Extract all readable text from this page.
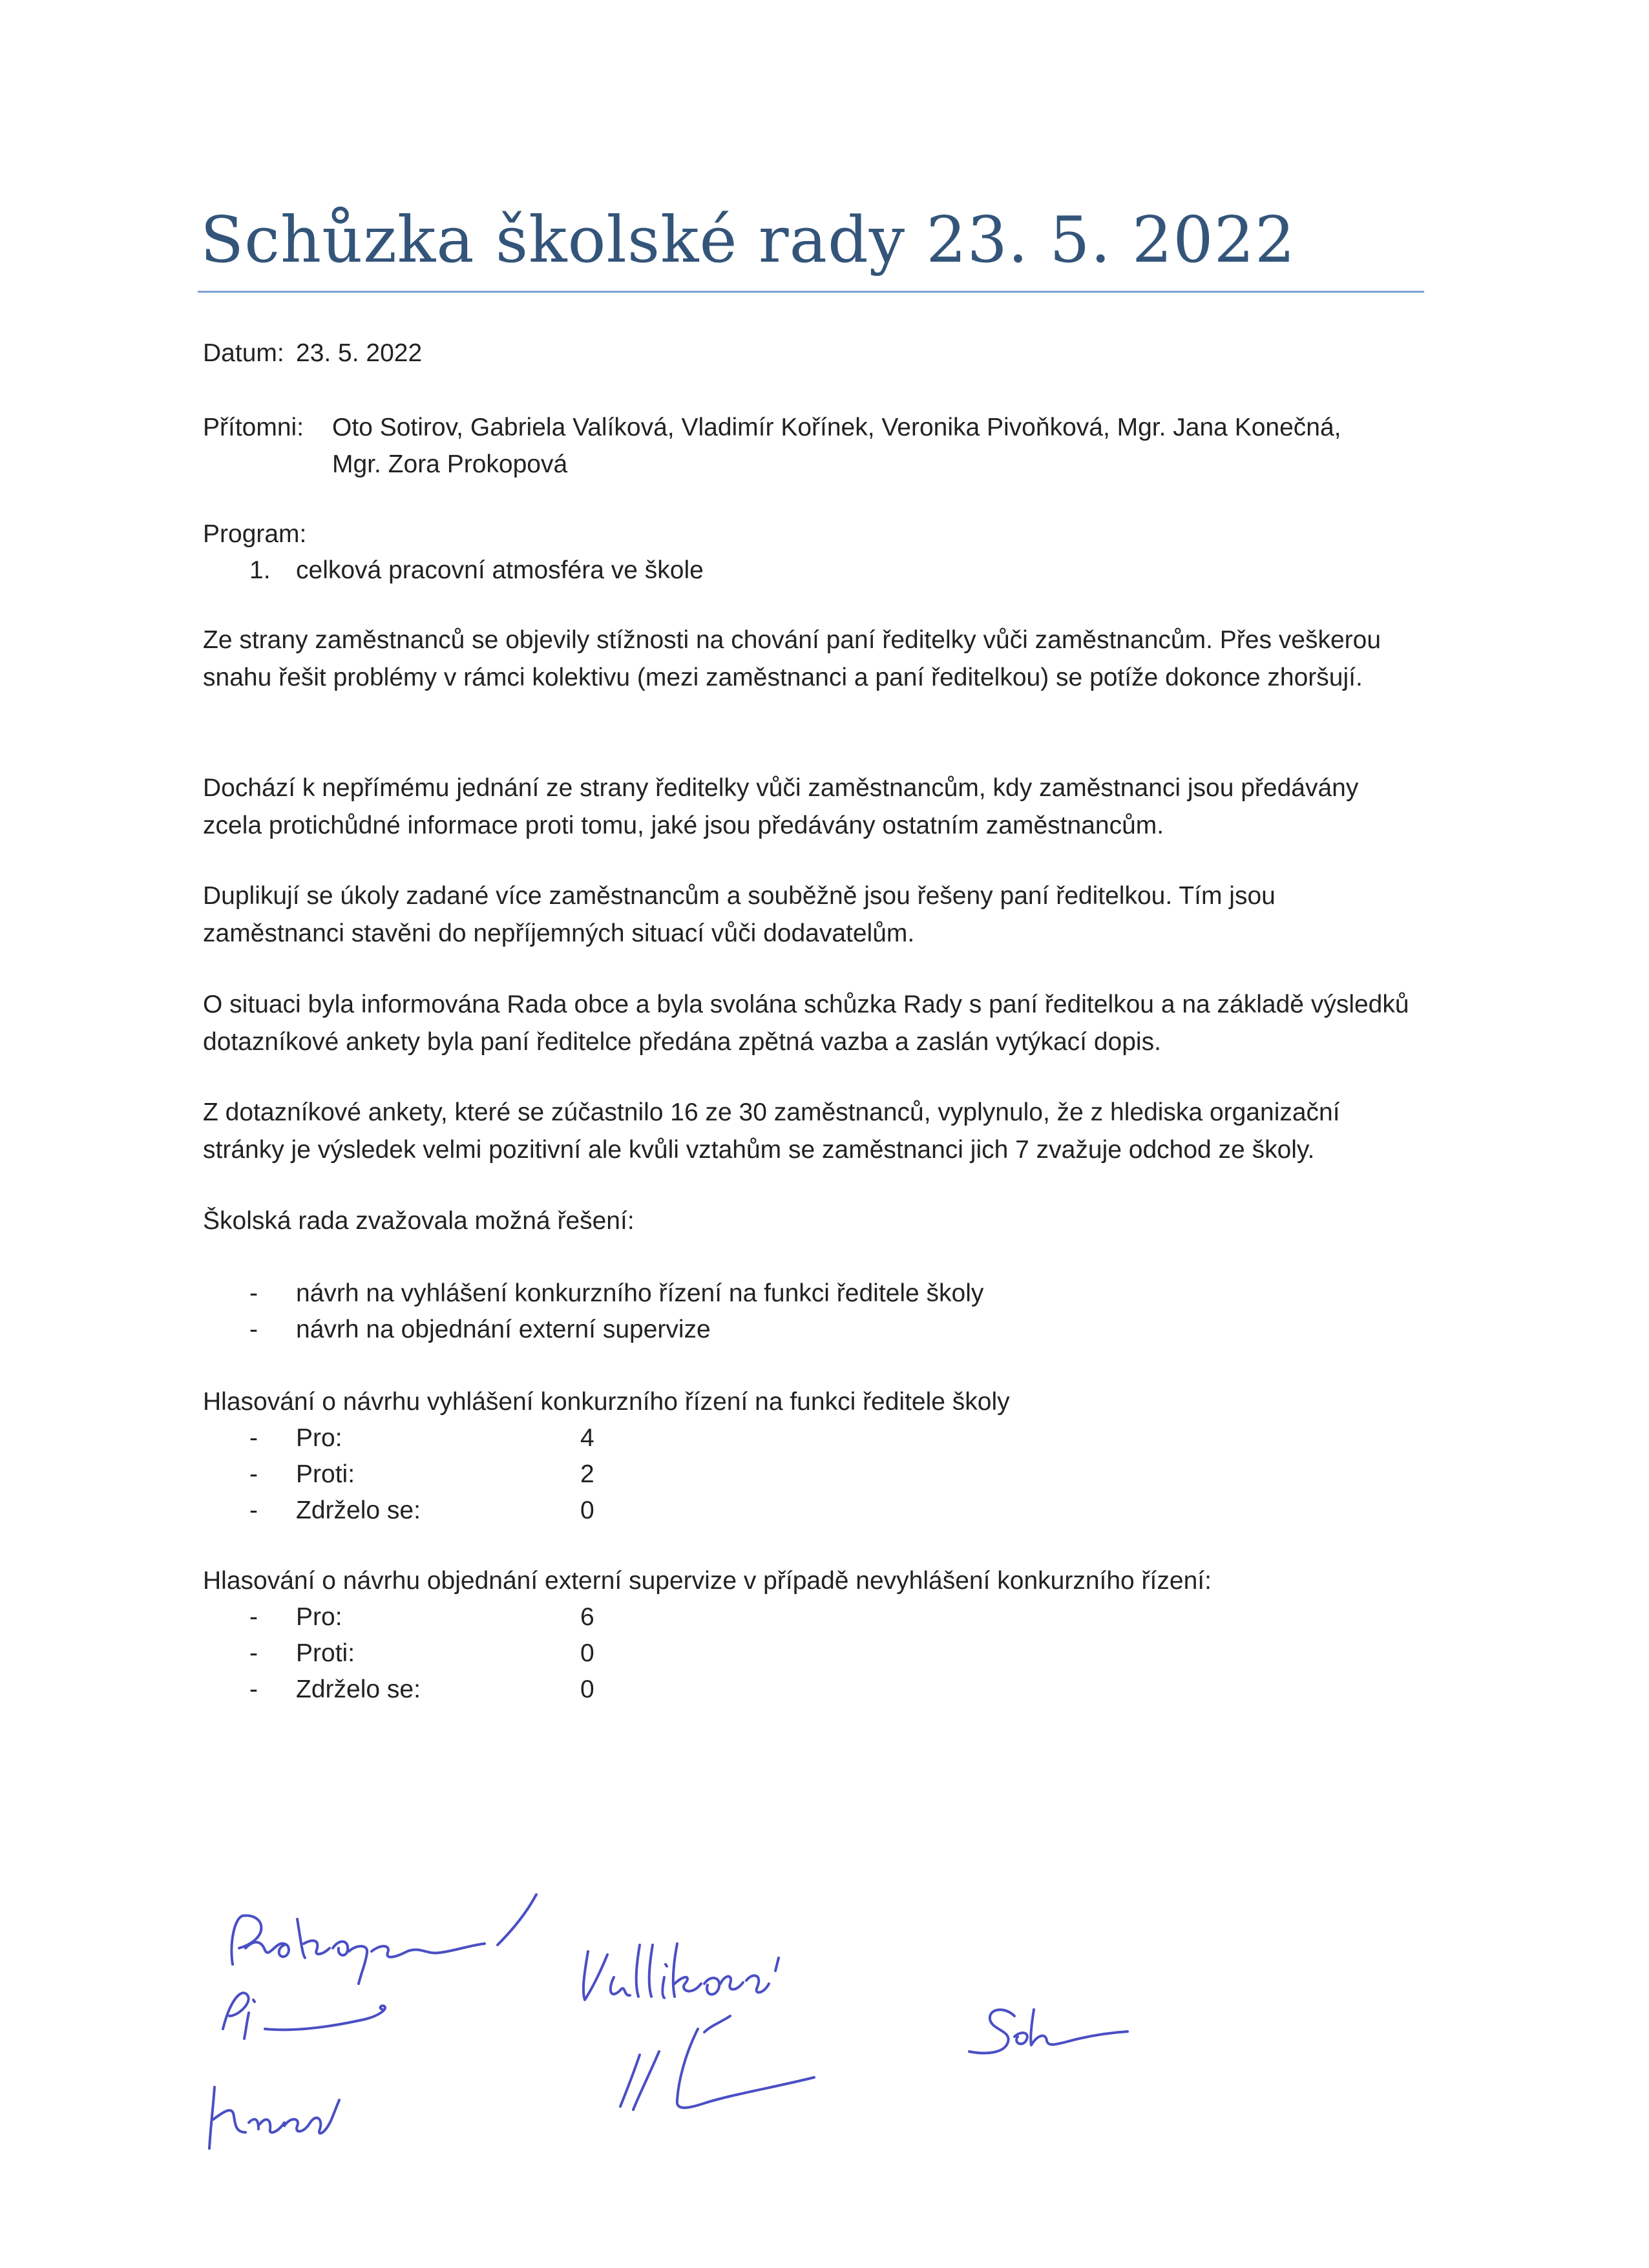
Schůzka školské rady 23. 5. 2022
Datum: 23. 5. 2022
Přítomni: Oto Sotirov, Gabriela Valíková, Vladimír Kořínek, Veronika Pivoňková, Mgr. Jana Konečná,
Mgr. Zora Prokopová
Program:
1. celková pracovní atmosféra ve škole
Ze strany zaměstnanců se objevily stížnosti na chování paní ředitelky vůči zaměstnancům. Přes veškerou snahu řešit problémy v rámci kolektivu (mezi zaměstnanci a paní ředitelkou) se potíže dokonce zhoršují.
Dochází k nepřímému jednání ze strany ředitelky vůči zaměstnancům, kdy zaměstnanci jsou předávány zcela protichůdné informace proti tomu, jaké jsou předávány ostatním zaměstnancům.
Duplikují se úkoly zadané více zaměstnancům a souběžně jsou řešeny paní ředitelkou. Tím jsou zaměstnanci stavěni do nepříjemných situací vůči dodavatelům.
O situaci byla informována Rada obce a byla svolána schůzka Rady s paní ředitelkou a na základě výsledků dotazníkové ankety byla paní ředitelce předána zpětná vazba a zaslán vytýkací dopis.
Z dotazníkové ankety, které se zúčastnilo 16 ze 30 zaměstnanců, vyplynulo, že z hlediska organizační stránky je výsledek velmi pozitivní ale kvůli vztahům se zaměstnanci jich 7 zvažuje odchod ze školy.
Školská rada zvažovala možná řešení:
- návrh na vyhlášení konkurzního řízení na funkci ředitele školy
- návrh na objednání externí supervize
Hlasování o návrhu vyhlášení konkurzního řízení na funkci ředitele školy
- Pro:	4
- Proti:	2
- Zdrželo se:	0
Hlasování o návrhu objednání externí supervize v případě nevyhlášení konkurzního řízení:
- Pro:	6
- Proti:	0
- Zdrželo se:	0
